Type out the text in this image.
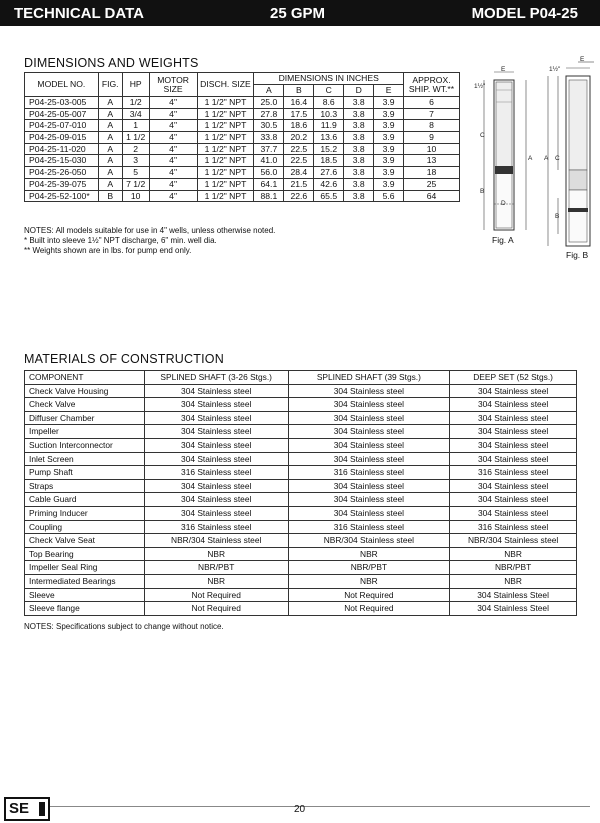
TECHNICAL DATA	25 GPM	MODEL P04-25
DIMENSIONS AND WEIGHTS
MODEL NO.	FIG.	HP	MOTOR SIZE	DISCH. SIZE	DIMENSIONS IN INCHES					APPROX. SHIP. WT.**
					A	B	C	D	E	
P04-25-03-005	A	1/2	4"	1 1/2" NPT	25.0	16.4	8.6	3.8	3.9	6
P04-25-05-007	A	3/4	4"	1 1/2" NPT	27.8	17.5	10.3	3.8	3.9	7
P04-25-07-010	A	1	4"	1 1/2" NPT	30.5	18.6	11.9	3.8	3.9	8
P04-25-09-015	A	1 1/2	4"	1 1/2" NPT	33.8	20.2	13.6	3.8	3.9	9
P04-25-11-020	A	2	4"	1 1/2" NPT	37.7	22.5	15.2	3.8	3.9	10
P04-25-15-030	A	3	4"	1 1/2" NPT	41.0	22.5	18.5	3.8	3.9	13
P04-25-26-050	A	5	4"	1 1/2" NPT	56.0	28.4	27.6	3.8	3.9	18
P04-25-39-075	A	7 1/2	4"	1 1/2" NPT	64.1	21.5	42.6	3.8	3.9	25
P04-25-52-100*	B	10	4"	1 1/2" NPT	88.1	22.6	65.5	3.8	5.6	64
NOTES: All models suitable for use in 4" wells, unless otherwise noted.
* Built into sleeve 1½" NPT discharge, 6" min. well dia.
** Weights shown are in lbs. for pump end only.
E
1½"
C
B
A
D
Fig. A
E
1½"
A C
B
Fig. B
MATERIALS OF CONSTRUCTION
COMPONENT	SPLINED SHAFT (3-26 Stgs.)	SPLINED SHAFT (39 Stgs.)	DEEP SET (52 Stgs.)
Check Valve Housing	304 Stainless steel	304 Stainless steel	304 Stainless steel
Check Valve	304 Stainless steel	304 Stainless steel	304 Stainless steel
Diffuser Chamber	304 Stainless steel	304 Stainless steel	304 Stainless steel
Impeller	304 Stainless steel	304 Stainless steel	304 Stainless steel
Suction Interconnector	304 Stainless steel	304 Stainless steel	304 Stainless steel
Inlet Screen	304 Stainless steel	304 Stainless steel	304 Stainless steel
Pump Shaft	316 Stainless steel	316 Stainless steel	316 Stainless steel
Straps	304 Stainless steel	304 Stainless steel	304 Stainless steel
Cable Guard	304 Stainless steel	304 Stainless steel	304 Stainless steel
Priming Inducer	304 Stainless steel	304 Stainless steel	304 Stainless steel
Coupling	316 Stainless steel	316 Stainless steel	316 Stainless steel
Check Valve Seat	NBR/304 Stainless steel	NBR/304 Stainless steel	NBR/304 Stainless steel
Top Bearing	NBR	NBR	NBR
Impeller Seal Ring	NBR/PBT	NBR/PBT	NBR/PBT
Intermediated Bearings	NBR	NBR	NBR
Sleeve	Not Required	Not Required	304 Stainless Steel
Sleeve flange	Not Required	Not Required	304 Stainless Steel
NOTES: Specifications subject to change without notice.
SE	20
